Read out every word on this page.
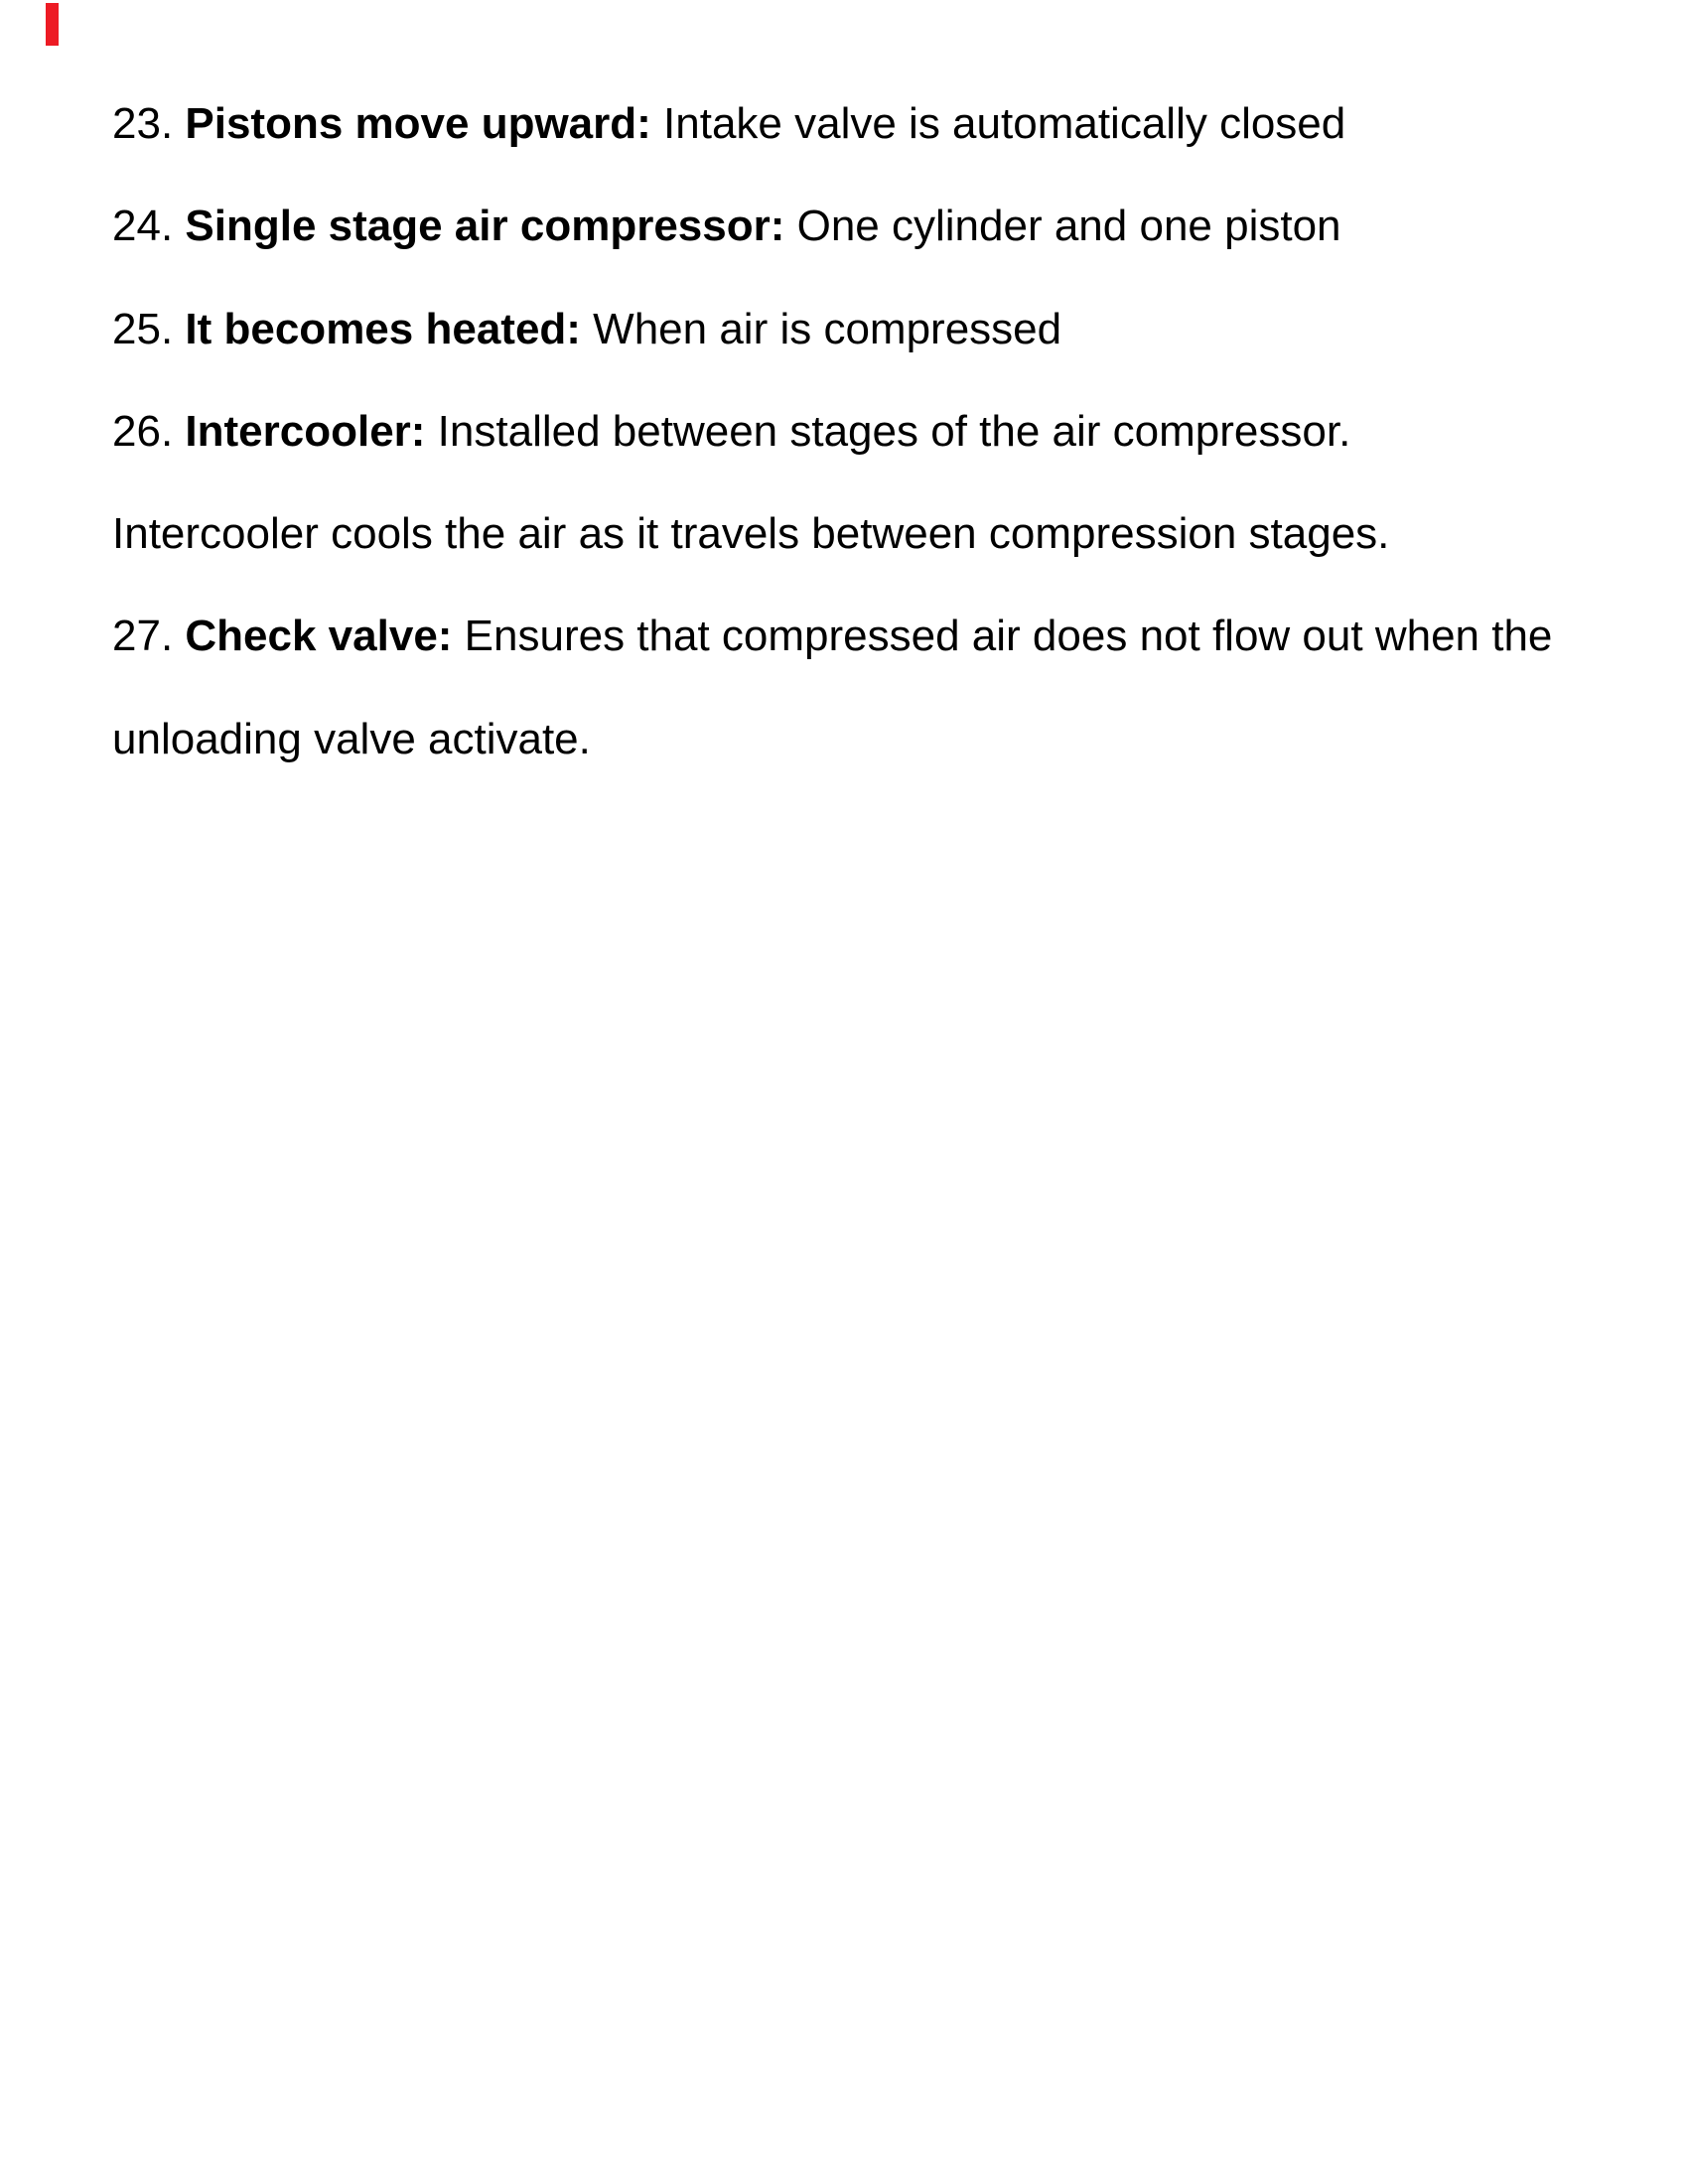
23. Pistons move upward: Intake valve is automatically closed
24. Single stage air compressor: One cylinder and one piston
25. It becomes heated: When air is compressed
26. Intercooler: Installed between stages of the air compressor.
Intercooler cools the air as it travels between compression stages.
27. Check valve: Ensures that compressed air does not flow out when the
unloading valve activate.
